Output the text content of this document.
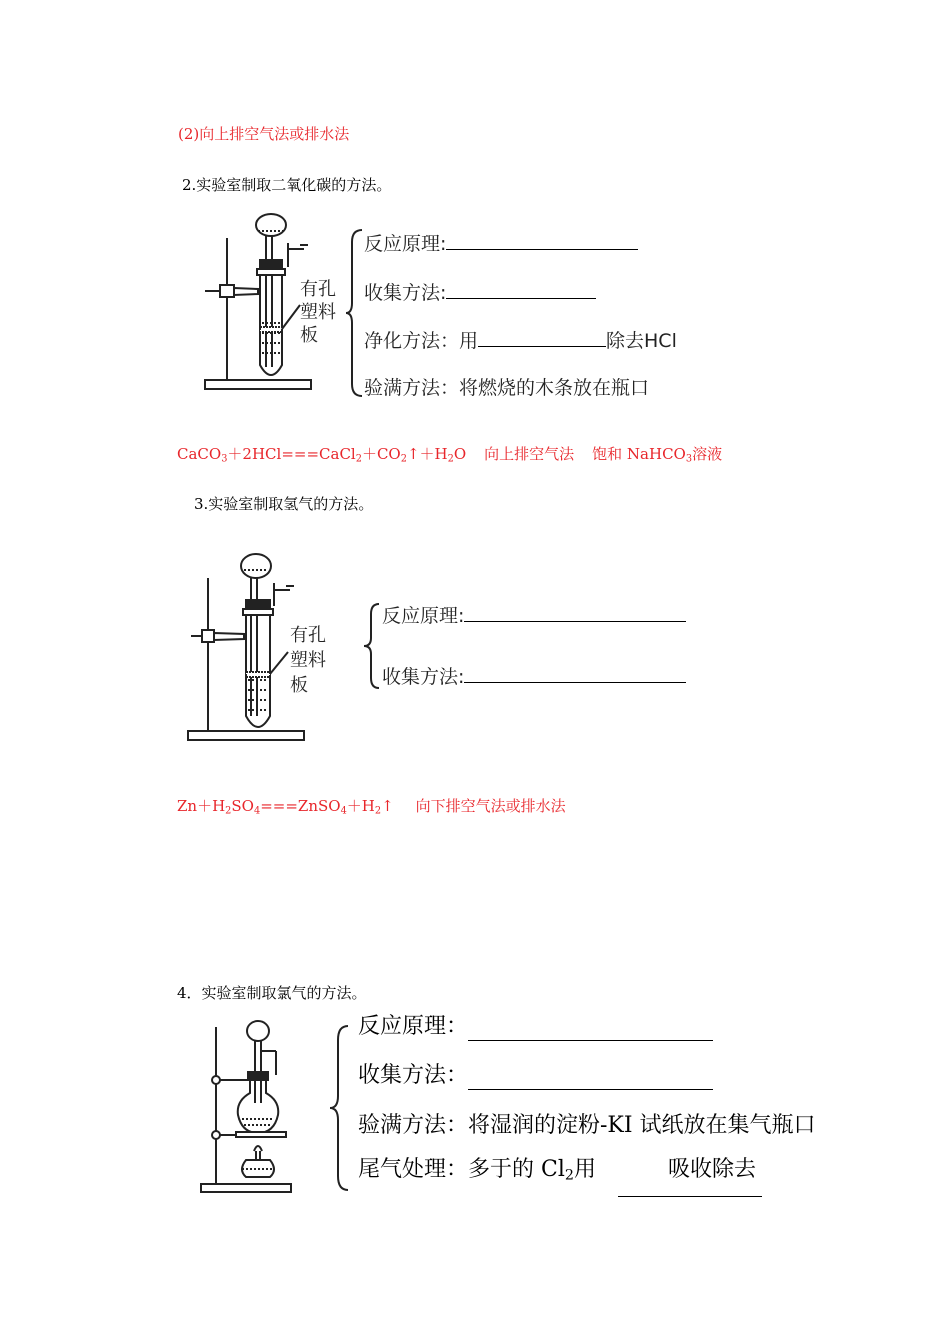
(2)向上排空气法或排水法
2.实验室制取二氧化碳的方法。
有孔
塑料
板
反应原理:
收集方法:
净化方法：用	除去HCl
验满方法：将燃烧的木条放在瓶口
$CaCO_3+2HCl===CaCl_2+CO_2↑+H_2O$ 向上排空气法 饱和 NaHCO$_3$溶液
3.实验室制取氢气的方法。
有孔
塑料
板
反应原理:
收集方法:
$Zn+H_2SO_4===ZnSO_4+H_2↑$ 向下排空气法或排水法
4．实验室制取氯气的方法。
反应原理：
收集方法：
验满方法：将湿润的淀粉-KI 试纸放在集气瓶口
尾气处理：多于的 $Cl_2$用	吸收除去
